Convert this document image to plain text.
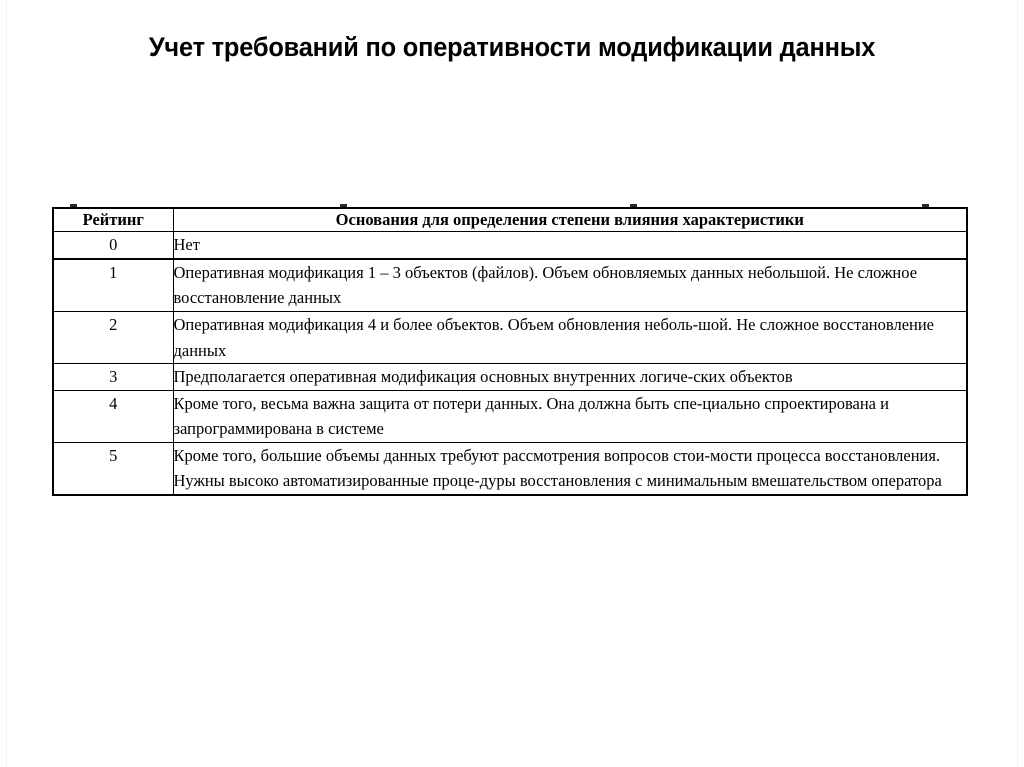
Учет требований по оперативности модификации данных
Рейтинг	Основания для определения степени влияния характеристики
0	Нет
1	Оперативная модификация 1 – 3 объектов (файлов). Объем обновляемых данных небольшой. Не сложное восстановление данных
2	Оперативная модификация 4 и более объектов. Объем обновления неболь-шой. Не сложное восстановление данных
3	Предполагается оперативная модификация основных внутренних логиче-ских объектов
4	Кроме того, весьма важна защита от потери данных. Она должна быть спе-циально спроектирована и запрограммирована в системе
5	Кроме того, большие объемы данных требуют рассмотрения вопросов стои-мости процесса восстановления. Нужны высоко автоматизированные проце-дуры восстановления с минимальным вмешательством оператора
